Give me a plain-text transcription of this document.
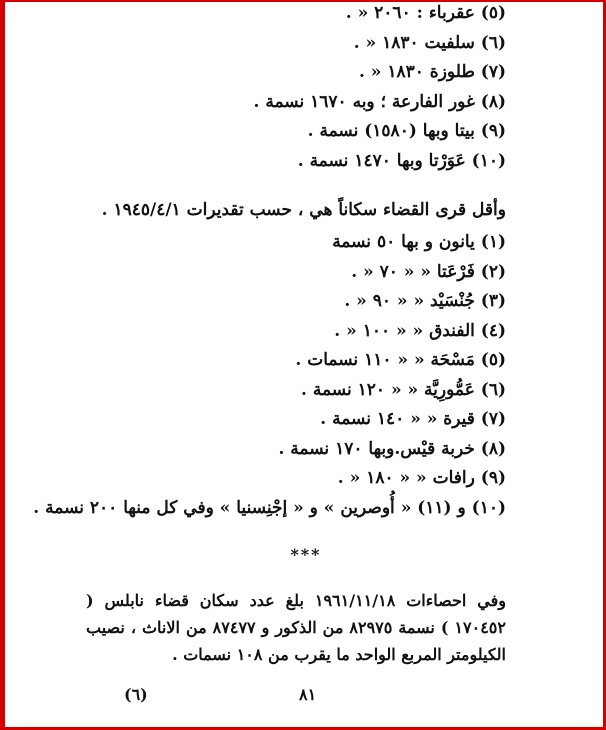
(٥) عقرباء : ٢٠٦٠ « .
(٦) سلفيت ١٨٣٠ « .
(٧) طلوزة ١٨٣٠ « .
(٨) غور الفارعة ؛ وبه ١٦٧٠ نسمة .
(٩) بيتا وبها (١٥٨٠) نسمة .
(١٠) عَوَرْتا وبها ١٤٧٠ نسمة .
وأقل قرى القضاء سكاناً هي ، حسب تقديرات ١٩٤٥/٤/١ .
(١) يانون و بها ٥٠ نسمة
(٢) فَرْعَتا « « ٧٠ « .
(٣) جُنْسَيْد « « ٩٠ « .
(٤) الفندق « « ١٠٠ « .
(٥) مَسْحَة « « ١١٠ نسمات .
(٦) عَمُّورِيَّة « « ١٢٠ نسمة .
(٧) قيرة « « ١٤٠ نسمة .
(٨) خربة قيْس.وبها ١٧٠ نسمة .
(٩) رافات « « ١٨٠ « .
(١٠) و (١١) « أُوصرين » و « إجْنِسنيا » وفي كل منها ٢٠٠ نسمة .
***
وفي احصاءات ١٩٦١/١١/١٨ بلغ عدد سكان قضاء نابلس ( ١٧٠٤٥٢ ) نسمة ٨٢٩٧٥ من الذكور و ٨٧٤٧٧ من الاناث ، نصيب الكيلومتر المربع الواحد ما يقرب من ١٠٨ نسمات .
٨١
(٦)
